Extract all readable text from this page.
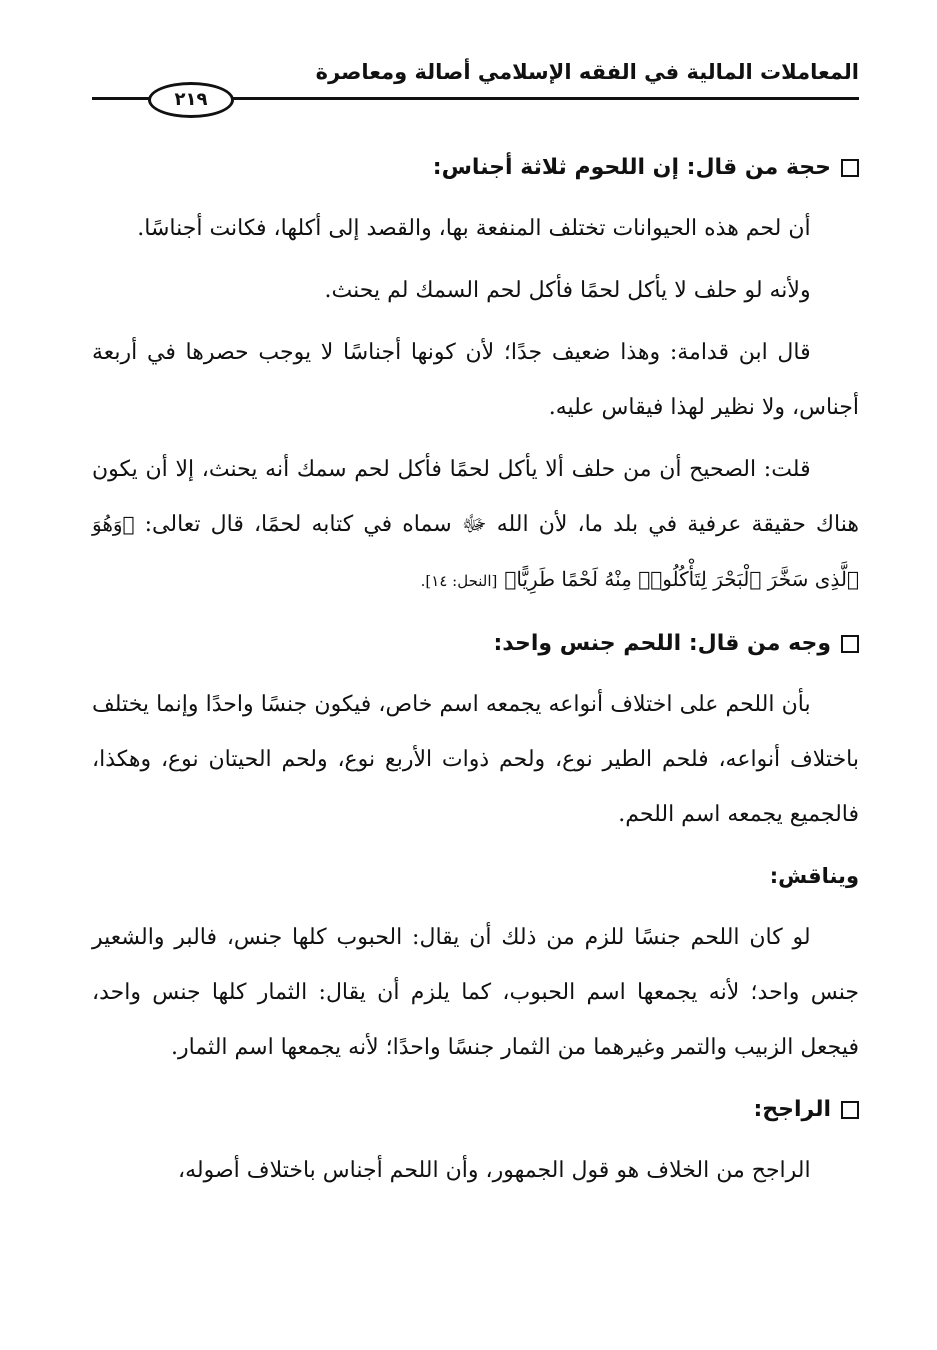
المعاملات المالية في الفقه الإسلامي أصالة ومعاصرة
٢١٩
حجة من قال: إن اللحوم ثلاثة أجناس:

أن لحم هذه الحيوانات تختلف المنفعة بها، والقصد إلى أكلها، فكانت أجناسًا.

ولأنه لو حلف لا يأكل لحمًا فأكل لحم السمك لم يحنث.

قال ابن قدامة: وهذا ضعيف جدًا؛ لأن كونها أجناسًا لا يوجب حصرها في أربعة أجناس، ولا نظير لهذا فيقاس عليه.

قلت: الصحيح أن من حلف ألا يأكل لحمًا فأكل لحم سمك أنه يحنث، إلا أن يكون هناك حقيقة عرفية في بلد ما، لأن الله ﷻ سماه في كتابه لحمًا، قال تعالى: ﴿وَهُوَ ٱلَّذِى سَخَّرَ ٱلْبَحْرَ لِتَأْكُلُوا۟ مِنْهُ لَحْمًا طَرِيًّا﴾ [النحل: ١٤].

وجه من قال: اللحم جنس واحد:

بأن اللحم على اختلاف أنواعه يجمعه اسم خاص، فيكون جنسًا واحدًا وإنما يختلف باختلاف أنواعه، فلحم الطير نوع، ولحم ذوات الأربع نوع، ولحم الحيتان نوع، وهكذا، فالجميع يجمعه اسم اللحم.

ويناقش:

لو كان اللحم جنسًا للزم من ذلك أن يقال: الحبوب كلها جنس، فالبر والشعير جنس واحد؛ لأنه يجمعها اسم الحبوب، كما يلزم أن يقال: الثمار كلها جنس واحد، فيجعل الزبيب والتمر وغيرهما من الثمار جنسًا واحدًا؛ لأنه يجمعها اسم الثمار.

الراجح:

الراجح من الخلاف هو قول الجمهور، وأن اللحم أجناس باختلاف أصوله،
